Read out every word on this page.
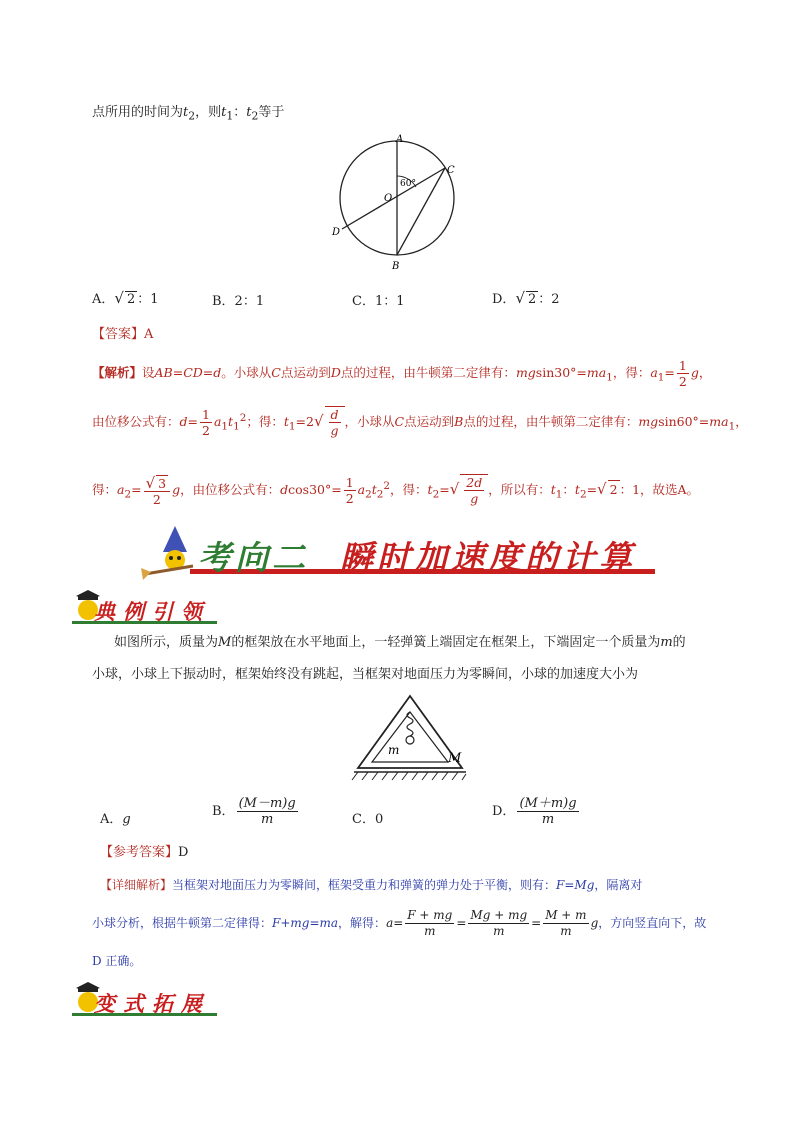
点所用的时间为$t_2$，则$t_1$：$t_2$等于
A
B
C
D
O
60°
A．√ 2 ：1	B．2：1	C．1：1	D．√ 2 ：2
【答案】A
【解析】设AB=CD=d。小球从C点运动到D点的过程，由牛顿第二定律有：$mgsin30^\circ=ma_1$，得：$a_1= \frac{1}{2}$ g，
由位移公式有：$d= \frac{1}{2} a_1t_1^2$；得：$t_1=2√ \frac{d}{g}$ ，小球从C点运动到B点的过程，由牛顿第二定律有：$mgsin60^\circ=ma_1$，
得：$a_2= \frac{√ 3}{2}$ g，由位移公式有：$dcos30^\circ= \frac{1}{2} a_2t_2^2$，得：$t_2=√ \frac{2d}{g}$ ，所以有：$t_1$：$t_2=√$ 2 ：1，故选A。
考向二 瞬时加速度的计算
典例引领
如图所示，质量为M的框架放在水平地面上，一轻弹簧上端固定在框架上，下端固定一个质量为m的
小球，小球上下振动时，框架始终没有跳起，当框架对地面压力为零瞬间，小球的加速度大小为
M
m
A．g
B． $\frac{(M-m)g}{m}$	C．0
D． $\frac{(M+m)g}{m}$
【参考答案】D
【详细解析】当框架对地面压力为零瞬间，框架受重力和弹簧的弹力处于平衡，则有：F=Mg，隔离对
小球分析，根据牛顿第二定律得：F+mg=ma，解得：$a= \frac{F + mg}{m} = \frac{Mg + mg}{m} = \frac{M + m}{m}$ g，方向竖直向下，故
D 正确。
变式拓展
